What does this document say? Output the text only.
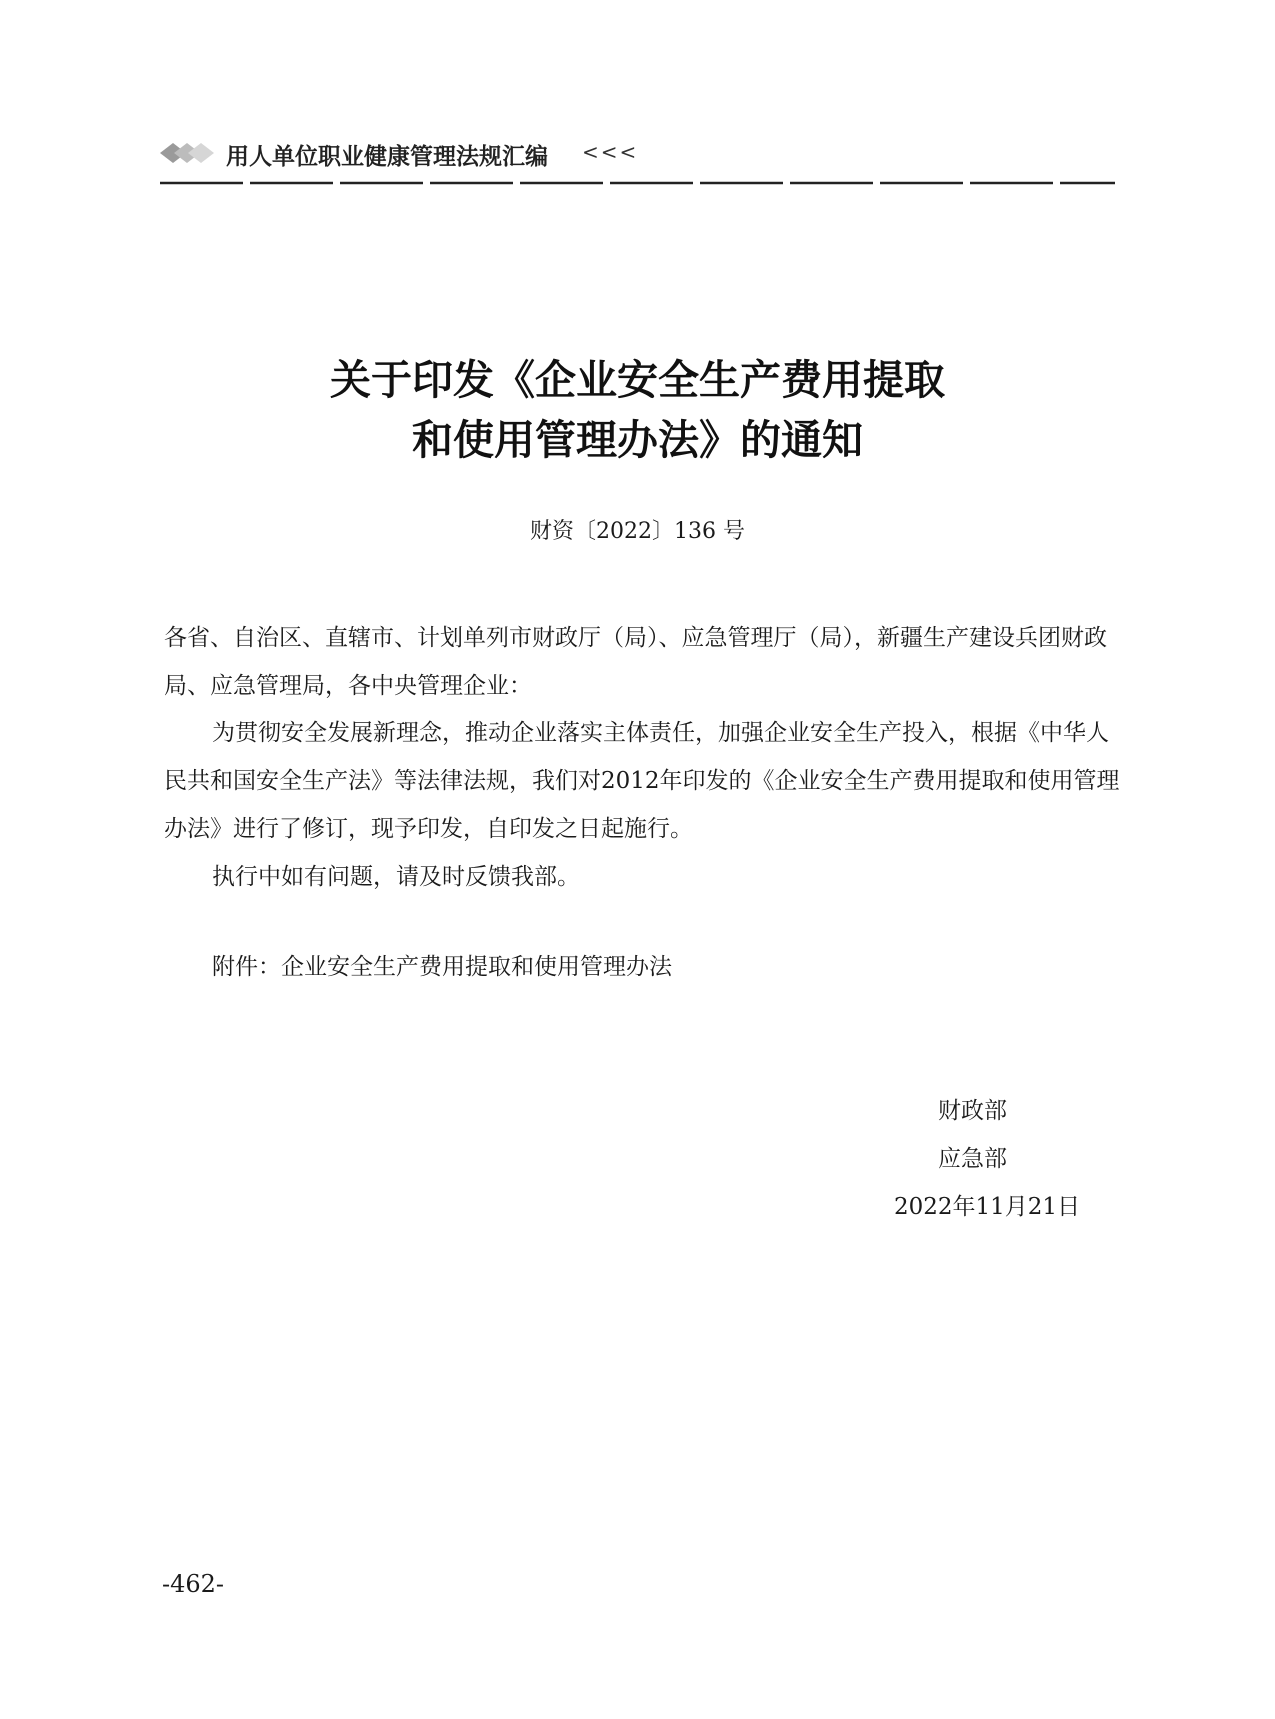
用人单位职业健康管理法规汇编 <<<
关于印发《企业安全生产费用提取
和使用管理办法》的通知
财资〔2022〕136 号
各省、自治区、直辖市、计划单列市财政厅（局）、应急管理厅（局），新疆生产建设兵团财政局、应急管理局，各中央管理企业：
为贯彻安全发展新理念，推动企业落实主体责任，加强企业安全生产投入，根据《中华人民共和国安全生产法》等法律法规，我们对2012年印发的《企业安全生产费用提取和使用管理办法》进行了修订，现予印发，自印发之日起施行。
执行中如有问题，请及时反馈我部。
附件：企业安全生产费用提取和使用管理办法
财政部
应急部
2022年11月21日
-462-
